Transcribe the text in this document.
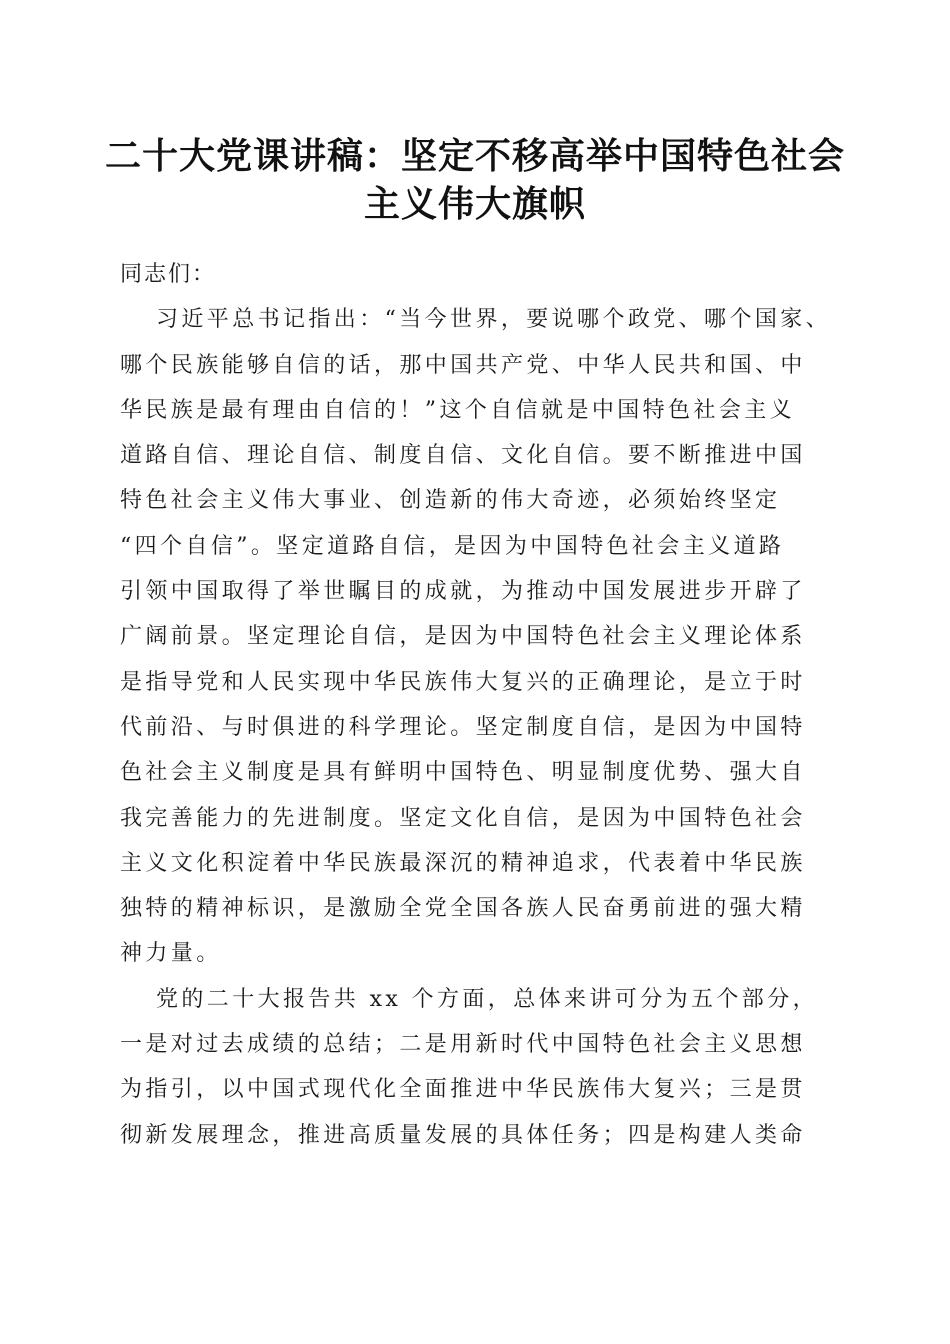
二十大党课讲稿：坚定不移高举中国特色社会
主义伟大旗帜
同志们：
习近平总书记指出：“当今世界，要说哪个政党、哪个国家、
哪个民族能够自信的话，那中国共产党、中华人民共和国、中
华民族是最有理由自信的！”这个自信就是中国特色社会主义
道路自信、理论自信、制度自信、文化自信。要不断推进中国
特色社会主义伟大事业、创造新的伟大奇迹，必须始终坚定
“四个自信”。坚定道路自信，是因为中国特色社会主义道路
引领中国取得了举世瞩目的成就，为推动中国发展进步开辟了
广阔前景。坚定理论自信，是因为中国特色社会主义理论体系
是指导党和人民实现中华民族伟大复兴的正确理论，是立于时
代前沿、与时俱进的科学理论。坚定制度自信，是因为中国特
色社会主义制度是具有鲜明中国特色、明显制度优势、强大自
我完善能力的先进制度。坚定文化自信，是因为中国特色社会
主义文化积淀着中华民族最深沉的精神追求，代表着中华民族
独特的精神标识，是激励全党全国各族人民奋勇前进的强大精
神力量。
党的二十大报告共 xx 个方面，总体来讲可分为五个部分，
一是对过去成绩的总结；二是用新时代中国特色社会主义思想
为指引，以中国式现代化全面推进中华民族伟大复兴；三是贯
彻新发展理念，推进高质量发展的具体任务；四是构建人类命
